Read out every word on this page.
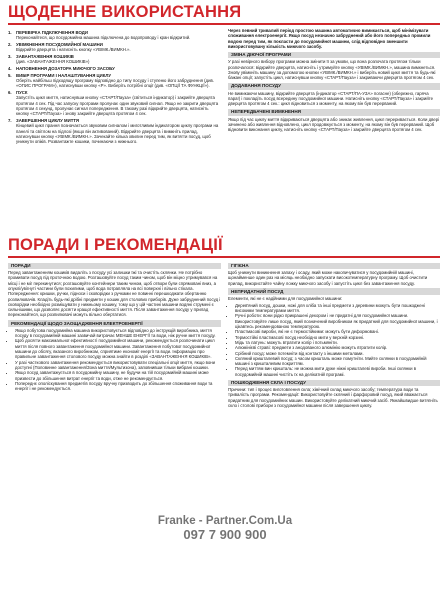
ЩОДЕННЕ ВИКОРИСТАННЯ
1.	ПЕРЕВІРКА ПІДКЛЮЧЕННЯ ВОДИ
Переконайтеся, що посудомийна машина підключена до водопроводу і кран відкритий.
2.	УВІМКНЕННЯ ПОСУДОМИЙНОЇ МАШИНИ
Відкрийте дверцята і натисніть кнопку «УВІМК./ВИМКН.».
3.	ЗАВАНТАЖЕННЯ КОШИКІВ
(див. «ЗАВАНТАЖЕННЯ КОШИКІВ»)
4.	НАПОВНЕННЯ ДОЗАТОРА МИЮЧОГО ЗАСОБУ
5.	ВИБІР ПРОГРАМИ І НАЛАШТУВАННЯ ЦИКЛУ
Оберіть найбільш підходящу програму відповідно до типу посуду і ступеню його забруднення (див. «ОПИС ПРОГРАМ»), натиснувши кнопку «P». Виберіть потрібні опції (див. «ОПЦІЇ ТА ФУНКЦІЇ»).
6.	ПУСК
Запустіть цикл миття, натиснувши кнопку «СТАРТ/Пауза» (світиться індикатор) і закрийте дверцята протягом 4 сек. Під час запуску програми пролунає один звуковий сигнал. Якщо не закрити дверцята протягом 4 секунд, пролунає сигнал попередження. В такому разі відкрийте дверцята, натисніть кнопку «СТАРТ/Пауза» і знову закрийте дверцята протягом 4 сек.
7.	ЗАВЕРШЕННЯ ЦИКЛУ МИТТЯ
Кінцевий цикл прання позначається звуковим сигналом і миготливим індикатором циклу програми на панелі та світлом на підлозі (якщо він активований). Відкрийте дверцята і вимкніть прилад, натиснувши кнопку «УВІМК./ВИМКН.». Зачекайте кілька хвилин перед тим, як витягти посуд, щоб уникнути опіків. Розвантажте кошики, починаючи з нижнього.
Через певний тривалий період простою машина автоматично вимикається, щоб мінімізувати споживання електроенергії. Якщо посуд незначно забруднений або його попередньо промили водою перед тим, як покласти до посудомийної машини, слід відповідно зменшити використовувану кількість миючого засобу.
ЗМІНА ДІЮЧОЇ ПРОГРАМИ
У разі невірного вибору програми можна змінити її за умови, що вона розпочата протягом тільки розпочалося: відкрийте дверцята, натисніть і утримуйте кнопку «УВІМК./ВИМКН.», машина вимкнеться. Знову увімкніть машину за допомогою кнопки «УВІМК./ВИМКН.» і виберіть новий цикл миття та будь-які бажані опції; запустіть цикл, натиснувши кнопку «СТАРТ/Пауза» і закриваючи дверцята протягом 4 сек.
ДОДАВАННЯ ПОСУДУ
Не вимикаючи машину, відкрийте дверцята (індикатор «СТАРТ/ПА-УЗА» погасне) (обережно, гаряча пара!) і покладіть посуд всередину посудомийної машини. Натисніть кнопку «СТАРТ/Пауза» і закрийте дверцята протягом 4 сек.: цикл відновиться з моменту, на якому він був перерваний.
НЕПЕРЕДБАЧЕНІ ВИМКНЕННЯ
Якщо під час циклу миття відкриваються дверцята або зникає живлення, цикл переривається. Коли двері зачинено або живлення відновлено, цикл продовжується з моменту, на якому він був перерваний. Щоб відновити виконання циклу, натисніть кнопку «СТАРТ/Пауза» і закрийте дверцята протягом 4 сек.
ПОРАДИ І РЕКОМЕНДАЦІЇ
ПОРАДИ
Перед завантаженням кошиків видаліть з посуду усі залишки їжі та очистіть склянки. Не потрібно промивати посуд під проточною водою. Розташовуйте посуд таким чином, щоб він міцно утримувався на місці і не міг перекинутися; розташовуйте контейнери таким чином, щоб отвори були спрямовані вниз, а опуклі/увігнуті частини були похилими, щоб вода потрапляла на всі поверхні і вільно стікала. Попередження: кришки, ручки, підноси і сковорідки з ручками не повинні перешкоджати обертанню розпилювачів. Кладіть будь-які дрібні предмети у кошик для столових приборів. Дуже забруднений посуд і сковорідки необхідно розміщувати у нижньому кошику, тому що у цій частині машини водяні струмені є сильнішими, що дозволяє досягти кращої ефективності миття. Після завантаження посуду у прилад переконайтеся, що розпилювачі можуть вільно обертатися.
РЕКОМЕНДАЦІЇ ЩОДО ЗАОЩАДЖЕННЯ ЕЛЕКТРОЕНЕРГІЇ
• Якщо побутова посудомийна машина використовується відповідно до інструкцій виробника, миття посуду в посудомийній машині зазвичай витрачає МЕНШЕ ЕНЕРГІЇ та води, ніж ручне миття посуду.
• Щоб досягти максимальної ефективності посудомийної машини, рекомендується розпочинати цикл миття після повного завантаження посудомийної машини. Завантаження побутової посудомийної машини до обсягу, вказаного виробником, сприятиме економії енергії та води. Інформацію про правильне завантаження столового посуду можна знайти в розділі «ЗАВАНТАЖЕННЯ КОШИКІВ».
• У разі часткового завантаження рекомендується використовувати спеціальні опції миття, якщо вони доступні (Половинне завантаження/Зона миття/Мультизона), заповнивши тільки вибрані кошики.
• Якщо посуд завантажується в посудомийну машину, не будучи на тій посудомийній машині може призвести до збільшення витрат енергії та води, отже не рекомендується.
• Попереднє ополіскування предметів посуду вручну призводить до збільшення споживання води та енергії і не рекомендується.
ГІГІЄНА
Щоб уникнути виникнення запаху і осаду, який може накопичуватися у посудомийній машині, щонайменше один раз на місяць необхідно запускати високотемпературну програму. Щоб очистити прилад, використайте чайну ложку миючого засобу і запустіть цикл без завантаження посуду.
НЕПРИДАТНИЙ ПОСУД
Елементи, які не є надійними для посудомийної машини:
• Дерев'яний посуд, дошки, ножі для хліба та інші предмети з деревини можуть бути пошкоджені високими температурами миття.
• Ручні роботи: вони рідко прикрашені декором і не придатні для посудомийної машини. Використовуйте лише посуд, який позначений виробником як придатний для посудомийної машини, і цікавтесь рекомендованою температурою.
• Пластмасові вироби, які не є термостійкими: можуть бути деформовані.
• Термостійкі пластмасові посуд необхідно мити у верхній корзині.
• Мідь та латунь: можуть втратити колір і потьмяніти.
• Алюмінієві стравi: предмети з анодованого алюмінію можуть втратити колір.
• Срібний посуд: може потемніти від контакту з іншими металами.
• Скляний кришталевий посуд: з часом кришталь може помутніти. Мийте склянки в посудомийній машині з кришталевим покриттям.
• Перед миттям вин кришталь: не можна мити дуже ніжні кришталеві вироби. Інші склянки в посудомийній машині чистіть їх на делікатній програмі.
ПОШКОДЖЕННЯ СКЛА І ПОСУДУ
Причини: тип і процес виготовлення скла; хімічний склад миючого засобу; температура води та тривалість програми. Рекомендації: Використовуйте скляний і фарфоровий посуд, який вважається придатним для посудомийних машин. Використовуйте делікатний миючий засіб. Якнайшвидше витягніть скло і столові прибори з посудомийної машини після завершення циклу.
Franke - Partner.Com.Ua
097 7 900 900
